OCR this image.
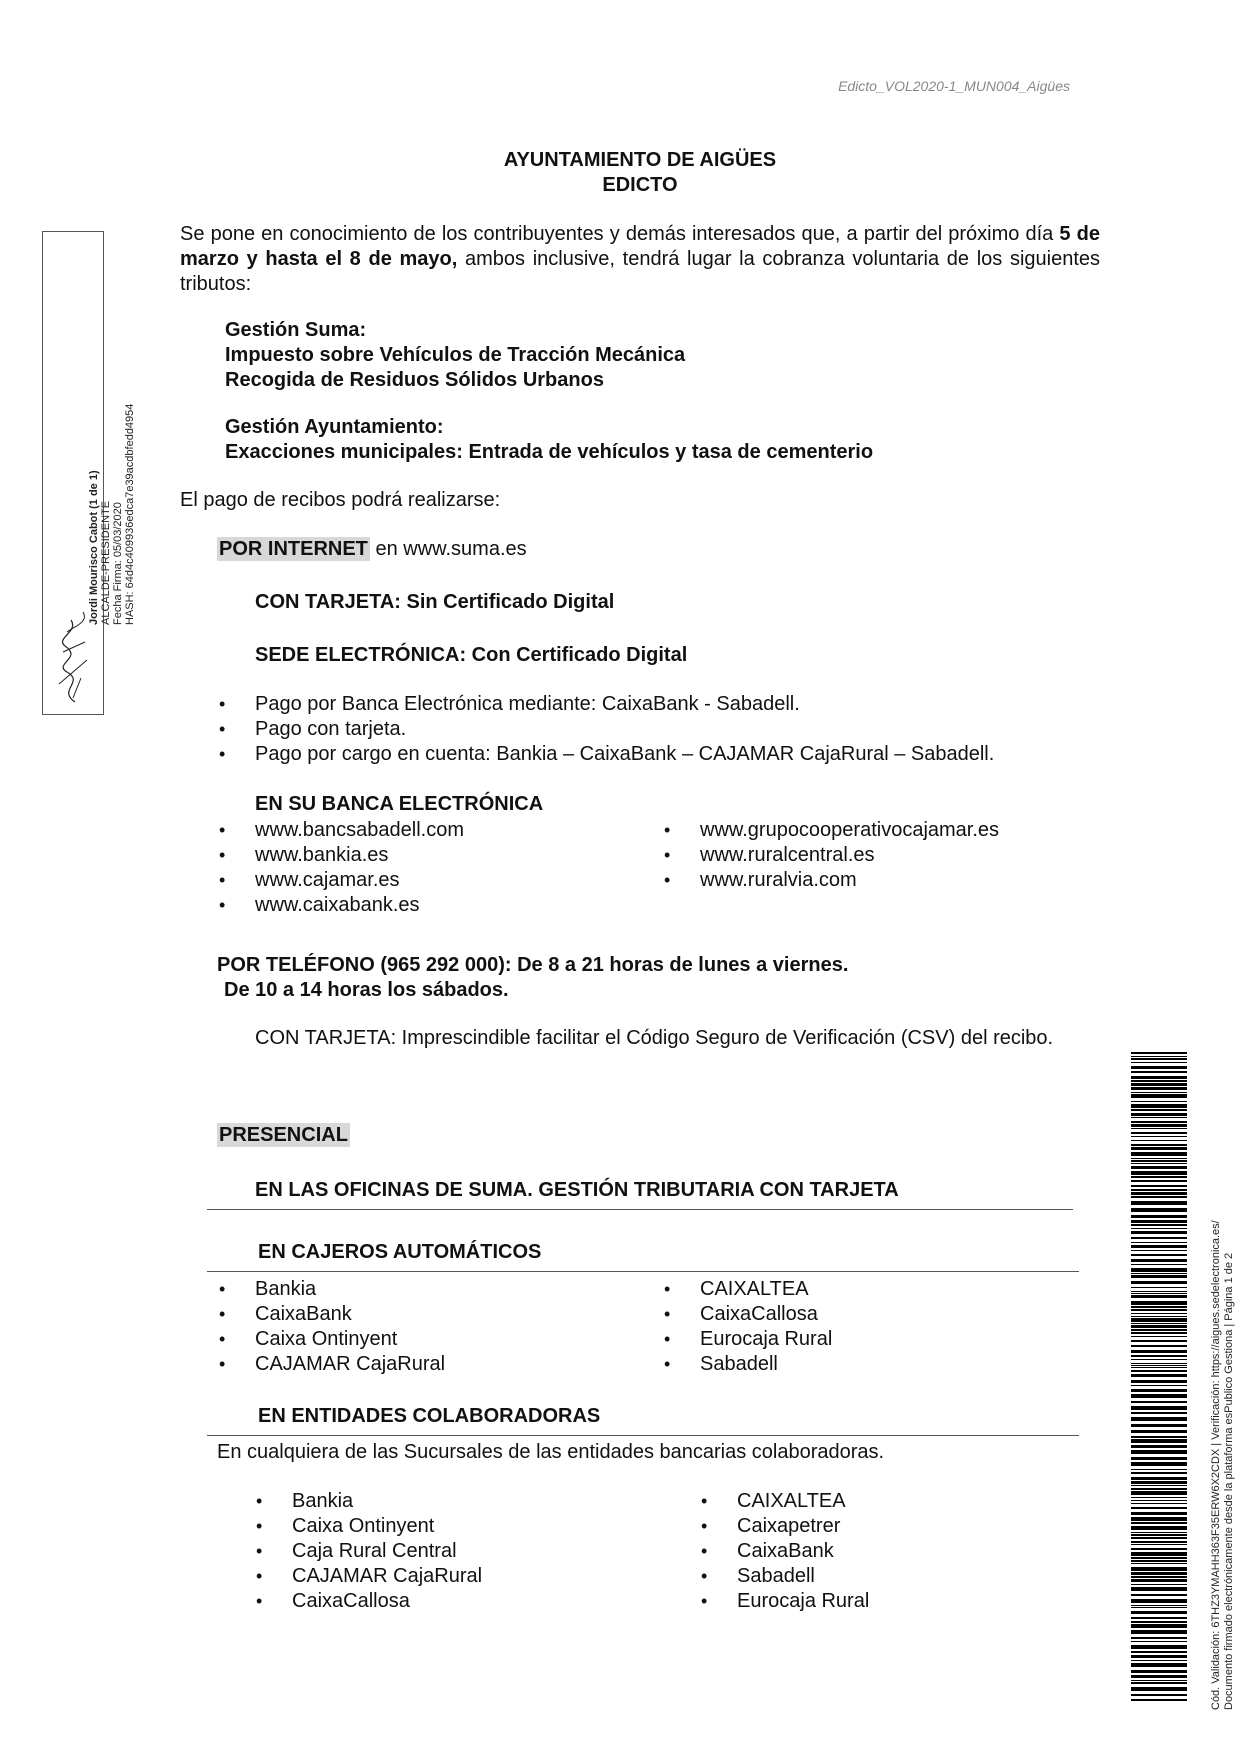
Edicto_VOL2020-1_MUN004_Aigües
AYUNTAMIENTO DE AIGÜES
EDICTO
Se pone en conocimiento de los contribuyentes y demás interesados que, a partir del próximo día 5 de marzo y hasta el 8 de mayo, ambos inclusive, tendrá lugar la cobranza voluntaria de los siguientes tributos:
Gestión Suma:
Impuesto sobre Vehículos de Tracción Mecánica
Recogida de Residuos Sólidos Urbanos
Gestión Ayuntamiento:
Exacciones municipales: Entrada de vehículos y tasa de cementerio
El pago de recibos podrá realizarse:
POR INTERNET en www.suma.es
CON TARJETA: Sin Certificado Digital
SEDE ELECTRÓNICA: Con Certificado Digital
• Pago por Banca Electrónica mediante: CaixaBank - Sabadell.
• Pago con tarjeta.
• Pago por cargo en cuenta: Bankia – CaixaBank – CAJAMAR CajaRural – Sabadell.
EN SU BANCA ELECTRÓNICA
• www.bancsabadell.com
• www.bankia.es
• www.cajamar.es
• www.caixabank.es
• www.grupocooperativocajamar.es
• www.ruralcentral.es
• www.ruralvia.com
POR TELÉFONO (965 292 000): De 8 a 21 horas de lunes a viernes.
De 10 a 14 horas los sábados.
CON TARJETA: Imprescindible facilitar el Código Seguro de Verificación (CSV) del recibo.
PRESENCIAL
EN LAS OFICINAS DE SUMA. GESTIÓN TRIBUTARIA CON TARJETA
EN CAJEROS AUTOMÁTICOS
• Bankia
• CaixaBank
• Caixa Ontinyent
• CAJAMAR CajaRural
• CAIXALTEA
• CaixaCallosa
• Eurocaja Rural
• Sabadell
EN ENTIDADES COLABORADORAS
En cualquiera de las Sucursales de las entidades bancarias colaboradoras.
• Bankia
• Caixa Ontinyent
• Caja Rural Central
• CAJAMAR CajaRural
• CaixaCallosa
• CAIXALTEA
• Caixapetrer
• CaixaBank
• Sabadell
• Eurocaja Rural
Jordi Mourisco Cabot (1 de 1) ALCALDE-PRESIDENTE Fecha Firma: 05/03/2020 HASH: 64d4c409936edca7e39acdbfedd4954
Cód. Validación: 6THZ3YMAHH363F35ERW6X2CDX | Verificación: https://aigues.sedelectronica.es/ Documento firmado electrónicamente desde la plataforma esPublico Gestiona | Página 1 de 2
